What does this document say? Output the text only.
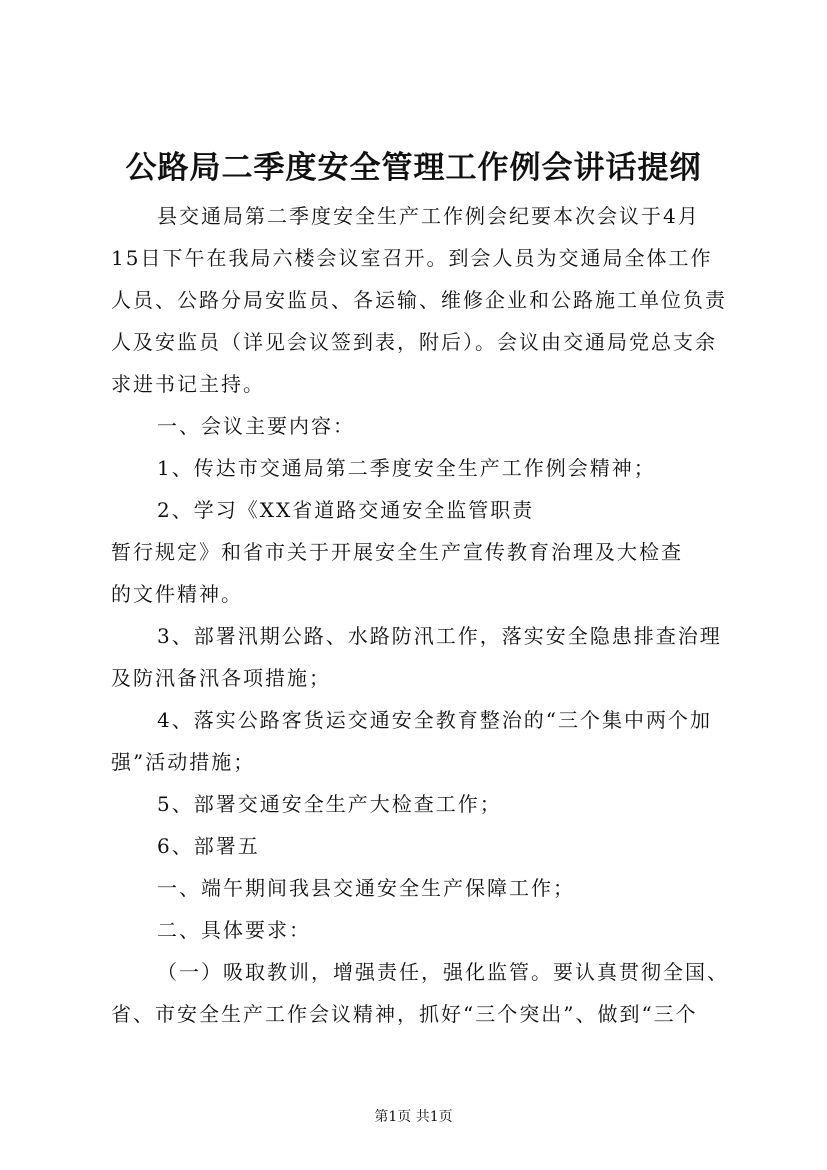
公路局二季度安全管理工作例会讲话提纲
县交通局第二季度安全生产工作例会纪要本次会议于4月
15日下午在我局六楼会议室召开。到会人员为交通局全体工作
人员、公路分局安监员、各运输、维修企业和公路施工单位负责
人及安监员（详见会议签到表，附后）。会议由交通局党总支余
求进书记主持。
一、会议主要内容：
1、传达市交通局第二季度安全生产工作例会精神；
2、学习《XX省道路交通安全监管职责
暂行规定》和省市关于开展安全生产宣传教育治理及大检查
的文件精神。
3、部署汛期公路、水路防汛工作，落实安全隐患排查治理
及防汛备汛各项措施；
4、落实公路客货运交通安全教育整治的“三个集中两个加
强”活动措施；
5、部署交通安全生产大检查工作；
6、部署五
一、端午期间我县交通安全生产保障工作；
二、具体要求：
（一）吸取教训，增强责任，强化监管。要认真贯彻全国、
省、市安全生产工作会议精神，抓好“三个突出”、做到“三个
第1页 共1页
